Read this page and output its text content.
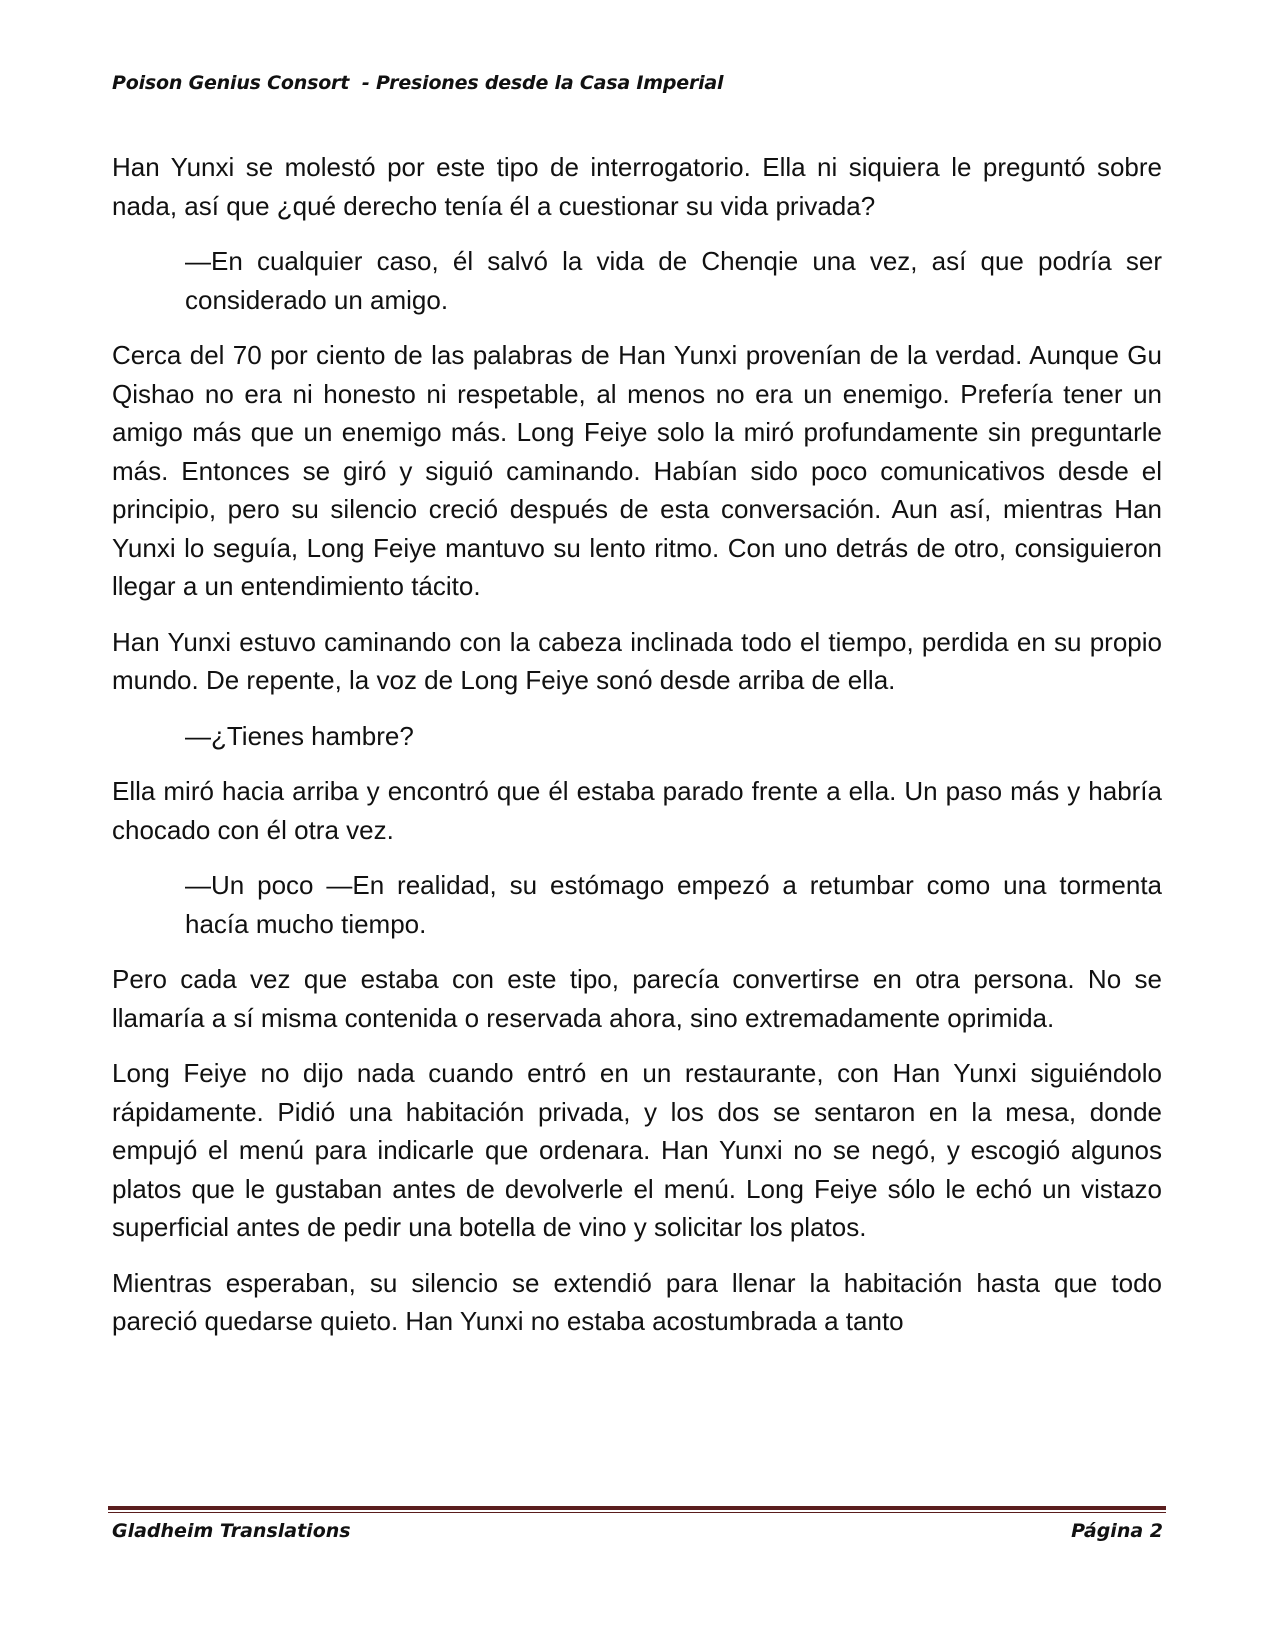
Poison Genius Consort  - Presiones desde la Casa Imperial

Han Yunxi se molestó por este tipo de interrogatorio. Ella ni siquiera le preguntó sobre nada, así que ¿qué derecho tenía él a cuestionar su vida privada?

—En cualquier caso, él salvó la vida de Chenqie una vez, así que podría ser considerado un amigo.

Cerca del 70 por ciento de las palabras de Han Yunxi provenían de la verdad. Aunque Gu Qishao no era ni honesto ni respetable, al menos no era un enemigo. Prefería tener un amigo más que un enemigo más. Long Feiye solo la miró profundamente sin preguntarle más. Entonces se giró y siguió caminando. Habían sido poco comunicativos desde el principio, pero su silencio creció después de esta conversación. Aun así, mientras Han Yunxi lo seguía, Long Feiye mantuvo su lento ritmo. Con uno detrás de otro, consiguieron llegar a un entendimiento tácito.

Han Yunxi estuvo caminando con la cabeza inclinada todo el tiempo, perdida en su propio mundo. De repente, la voz de Long Feiye sonó desde arriba de ella.

—¿Tienes hambre?

Ella miró hacia arriba y encontró que él estaba parado frente a ella. Un paso más y habría chocado con él otra vez.

—Un poco —En realidad, su estómago empezó a retumbar como una tormenta hacía mucho tiempo.

Pero cada vez que estaba con este tipo, parecía convertirse en otra persona. No se llamaría a sí misma contenida o reservada ahora, sino extremadamente oprimida.

Long Feiye no dijo nada cuando entró en un restaurante, con Han Yunxi siguiéndolo rápidamente. Pidió una habitación privada, y los dos se sentaron en la mesa, donde empujó el menú para indicarle que ordenara. Han Yunxi no se negó, y escogió algunos platos que le gustaban antes de devolverle el menú. Long Feiye sólo le echó un vistazo superficial antes de pedir una botella de vino y solicitar los platos.

Mientras esperaban, su silencio se extendió para llenar la habitación hasta que todo pareció quedarse quieto. Han Yunxi no estaba acostumbrada a tanto

Gladheim Translations	Página 2
